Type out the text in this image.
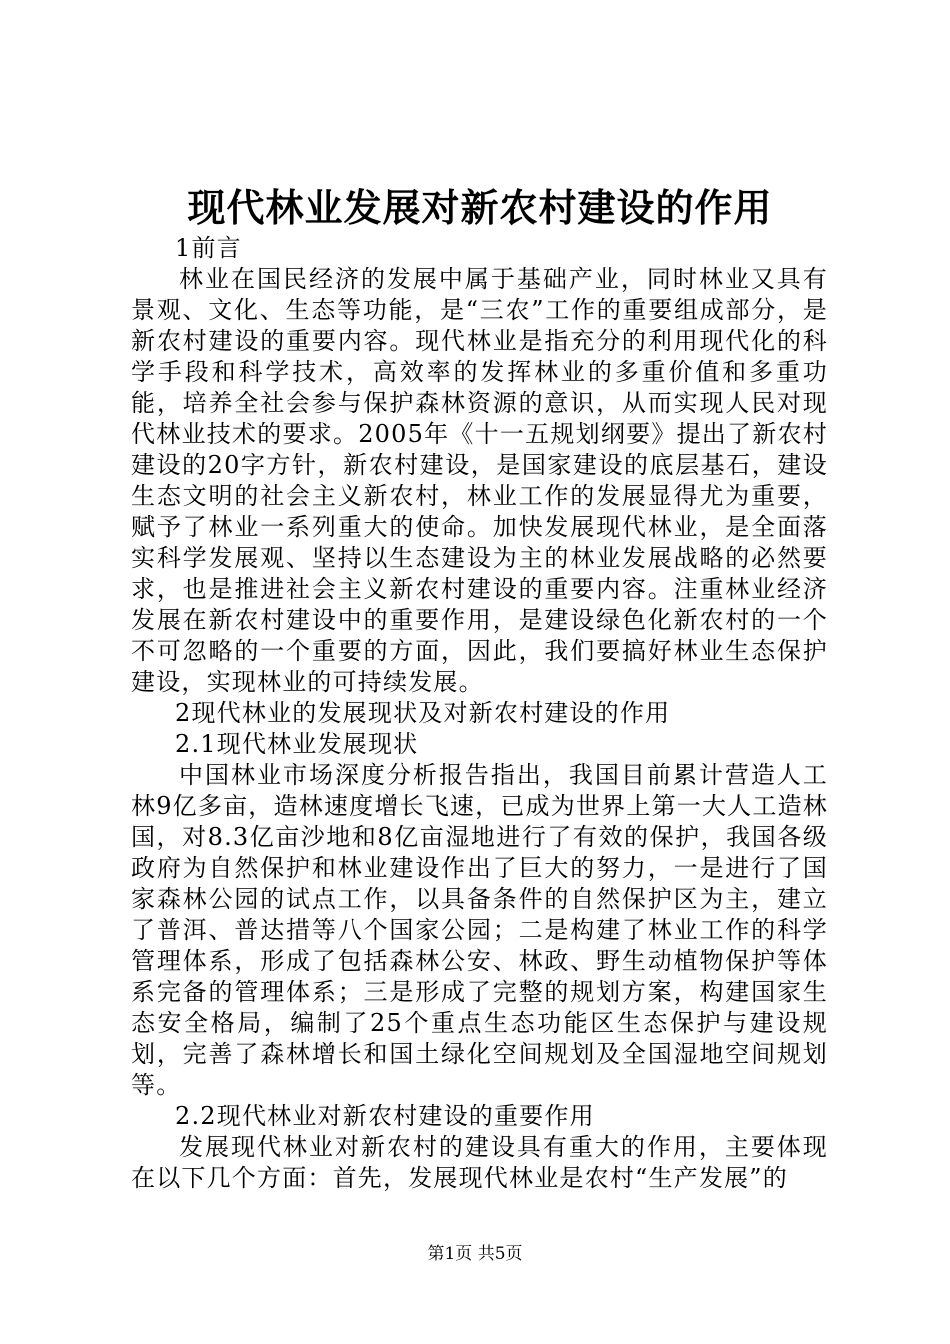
现代林业发展对新农村建设的作用

1前言

林业在国民经济的发展中属于基础产业，同时林业又具有景观、文化、生态等功能，是“三农”工作的重要组成部分，是新农村建设的重要内容。现代林业是指充分的利用现代化的科学手段和科学技术，高效率的发挥林业的多重价值和多重功能，培养全社会参与保护森林资源的意识，从而实现人民对现代林业技术的要求。2005年《十一五规划纲要》提出了新农村建设的20字方针，新农村建设，是国家建设的底层基石，建设生态文明的社会主义新农村，林业工作的发展显得尤为重要，赋予了林业一系列重大的使命。加快发展现代林业，是全面落实科学发展观、坚持以生态建设为主的林业发展战略的必然要求，也是推进社会主义新农村建设的重要内容。注重林业经济发展在新农村建设中的重要作用，是建设绿色化新农村的一个不可忽略的一个重要的方面，因此，我们要搞好林业生态保护建设，实现林业的可持续发展。

2现代林业的发展现状及对新农村建设的作用

2.1现代林业发展现状

中国林业市场深度分析报告指出，我国目前累计营造人工林9亿多亩，造林速度增长飞速，已成为世界上第一大人工造林国，对8.3亿亩沙地和8亿亩湿地进行了有效的保护，我国各级政府为自然保护和林业建设作出了巨大的努力，一是进行了国家森林公园的试点工作，以具备条件的自然保护区为主，建立了普洱、普达措等八个国家公园；二是构建了林业工作的科学管理体系，形成了包括森林公安、林政、野生动植物保护等体系完备的管理体系；三是形成了完整的规划方案，构建国家生态安全格局，编制了25个重点生态功能区生态保护与建设规划，完善了森林增长和国土绿化空间规划及全国湿地空间规划等。

2.2现代林业对新农村建设的重要作用

发展现代林业对新农村的建设具有重大的作用，主要体现在以下几个方面：首先，发展现代林业是农村“生产发展”的

第1页 共5页
